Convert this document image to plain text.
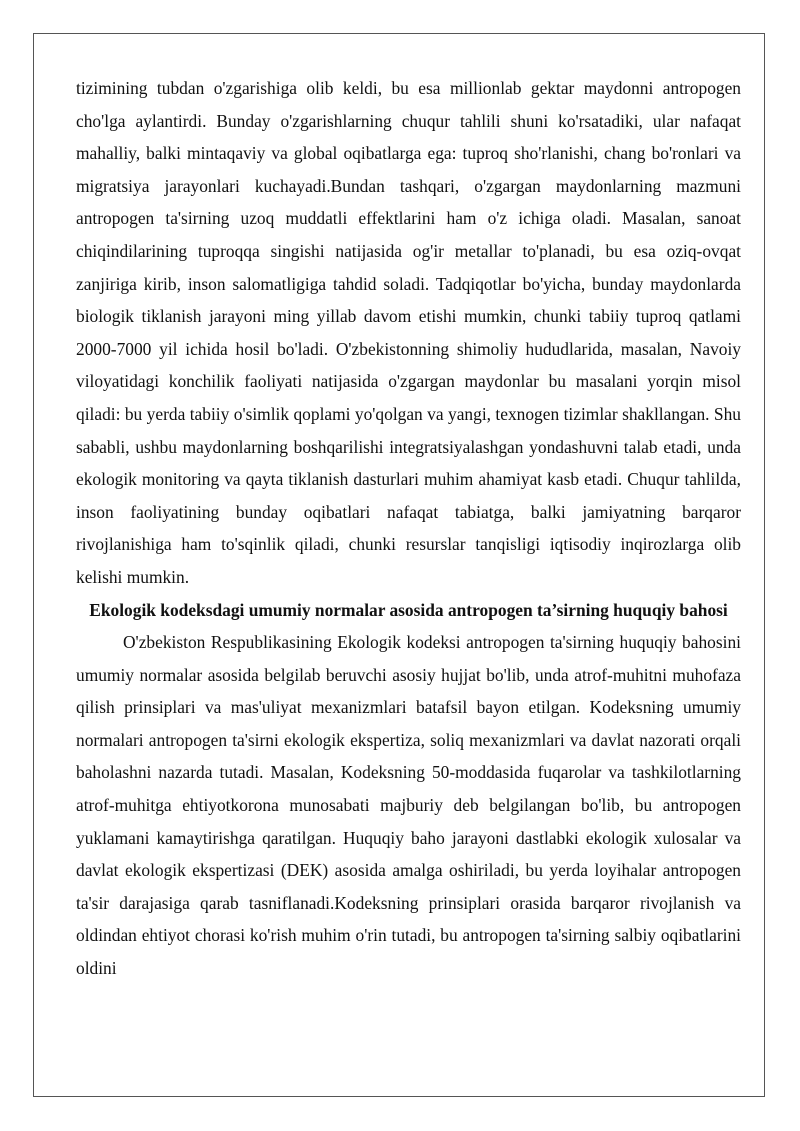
tizimining tubdan o'zgarishiga olib keldi, bu esa millionlab gektar maydonni antropogen cho'lga aylantirdi. Bunday o'zgarishlarning chuqur tahlili shuni ko'rsatadiki, ular nafaqat mahalliy, balki mintaqaviy va global oqibatlarga ega: tuproq sho'rlanishi, chang bo'ronlari va migratsiya jarayonlari kuchayadi.Bundan tashqari, o'zgargan maydonlarning mazmuni antropogen ta'sirning uzoq muddatli effektlarini ham o'z ichiga oladi. Masalan, sanoat chiqindilarining tuproqqa singishi natijasida og'ir metallar to'planadi, bu esa oziq-ovqat zanjiriga kirib, inson salomatligiga tahdid soladi. Tadqiqotlar bo'yicha, bunday maydonlarda biologik tiklanish jarayoni ming yillab davom etishi mumkin, chunki tabiiy tuproq qatlami 2000-7000 yil ichida hosil bo'ladi. O'zbekistonning shimoliy hududlarida, masalan, Navoiy viloyatidagi konchilik faoliyati natijasida o'zgargan maydonlar bu masalani yorqin misol qiladi: bu yerda tabiiy o'simlik qoplami yo'qolgan va yangi, texnogen tizimlar shakllangan. Shu sababli, ushbu maydonlarning boshqarilishi integratsiyalashgan yondashuvni talab etadi, unda ekologik monitoring va qayta tiklanish dasturlari muhim ahamiyat kasb etadi. Chuqur tahlilda, inson faoliyatining bunday oqibatlari nafaqat tabiatga, balki jamiyatning barqaror rivojlanishiga ham to'sqinlik qiladi, chunki resurslar tanqisligi iqtisodiy inqirozlarga olib kelishi mumkin.

Ekologik kodeksdagi umumiy normalar asosida antropogen ta’sirning huquqiy bahosi

O'zbekiston Respublikasining Ekologik kodeksi antropogen ta'sirning huquqiy bahosini umumiy normalar asosida belgilab beruvchi asosiy hujjat bo'lib, unda atrof-muhitni muhofaza qilish prinsiplari va mas'uliyat mexanizmlari batafsil bayon etilgan. Kodeksning umumiy normalari antropogen ta'sirni ekologik ekspertiza, soliq mexanizmlari va davlat nazorati orqali baholashni nazarda tutadi. Masalan, Kodeksning 50-moddasida fuqarolar va tashkilotlarning atrof-muhitga ehtiyotkorona munosabati majburiy deb belgilangan bo'lib, bu antropogen yuklamani kamaytirishga qaratilgan. Huquqiy baho jarayoni dastlabki ekologik xulosalar va davlat ekologik ekspertizasi (DEK) asosida amalga oshiriladi, bu yerda loyihalar antropogen ta'sir darajasiga qarab tasniflanadi.Kodeksning prinsiplari orasida barqaror rivojlanish va oldindan ehtiyot chorasi ko'rish muhim o'rin tutadi, bu antropogen ta'sirning salbiy oqibatlarini oldini
